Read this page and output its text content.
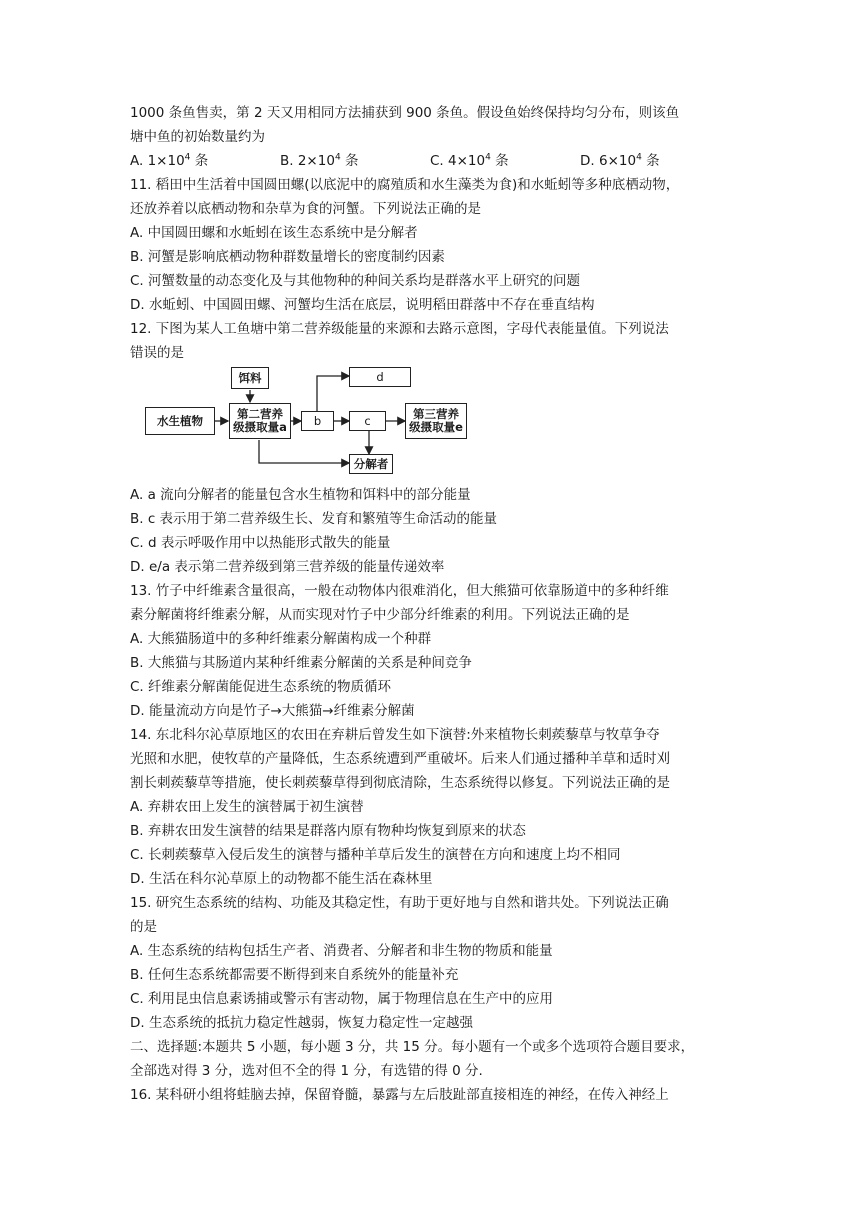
1000 条鱼售卖，第 2 天又用相同方法捕获到 900 条鱼。假设鱼始终保持均匀分布，则该鱼
塘中鱼的初始数量约为
A. $1\times 10^4$ 条	B. $2\times 10^4$ 条	C. $4\times 10^4$ 条	D. $6\times 10^4$ 条
11. 稻田中生活着中国圆田螺(以底泥中的腐殖质和水生藻类为食)和水蚯蚓等多种底栖动物，
还放养着以底栖动物和杂草为食的河蟹。下列说法正确的是
A. 中国圆田螺和水蚯蚓在该生态系统中是分解者
B. 河蟹是影响底栖动物种群数量增长的密度制约因素
C. 河蟹数量的动态变化及与其他物种的种间关系均是群落水平上研究的问题
D. 水蚯蚓、中国圆田螺、河蟹均生活在底层，说明稻田群落中不存在垂直结构
12. 下图为某人工鱼塘中第二营养级能量的来源和去路示意图，字母代表能量值。下列说法
错误的是
饵料
水生植物	第二营养
级摄取量a	b	c
d
第三营养
级摄取量e
分解者
A. a 流向分解者的能量包含水生植物和饵料中的部分能量
B. c 表示用于第二营养级生长、发育和繁殖等生命活动的能量
C. d 表示呼吸作用中以热能形式散失的能量
D. e/a 表示第二营养级到第三营养级的能量传递效率
13. 竹子中纤维素含量很高，一般在动物体内很难消化，但大熊猫可依靠肠道中的多种纤维
素分解菌将纤维素分解，从而实现对竹子中少部分纤维素的利用。下列说法正确的是
A. 大熊猫肠道中的多种纤维素分解菌构成一个种群
B. 大熊猫与其肠道内某种纤维素分解菌的关系是种间竞争
C. 纤维素分解菌能促进生态系统的物质循环
D. 能量流动方向是竹子→大熊猫→纤维素分解菌
14. 东北科尔沁草原地区的农田在弃耕后曾发生如下演替:外来植物长刺蒺藜草与牧草争夺
光照和水肥，使牧草的产量降低，生态系统遭到严重破坏。后来人们通过播种羊草和适时刈
割长刺蒺藜草等措施，使长刺蒺藜草得到彻底清除，生态系统得以修复。下列说法正确的是
A. 弃耕农田上发生的演替属于初生演替
B. 弃耕农田发生演替的结果是群落内原有物种均恢复到原来的状态
C. 长刺蒺藜草入侵后发生的演替与播种羊草后发生的演替在方向和速度上均不相同
D. 生活在科尔沁草原上的动物都不能生活在森林里
15. 研究生态系统的结构、功能及其稳定性，有助于更好地与自然和谐共处。下列说法正确
的是
A. 生态系统的结构包括生产者、消费者、分解者和非生物的物质和能量
B. 任何生态系统都需要不断得到来自系统外的能量补充
C. 利用昆虫信息素诱捕或警示有害动物，属于物理信息在生产中的应用
D. 生态系统的抵抗力稳定性越弱，恢复力稳定性一定越强
二、选择题:本题共 5 小题，每小题 3 分，共 15 分。每小题有一个或多个选项符合题目要求，
全部选对得 3 分，选对但不全的得 1 分，有选错的得 0 分.
16. 某科研小组将蛙脑去掉，保留脊髓，暴露与左后肢趾部直接相连的神经，在传入神经上
